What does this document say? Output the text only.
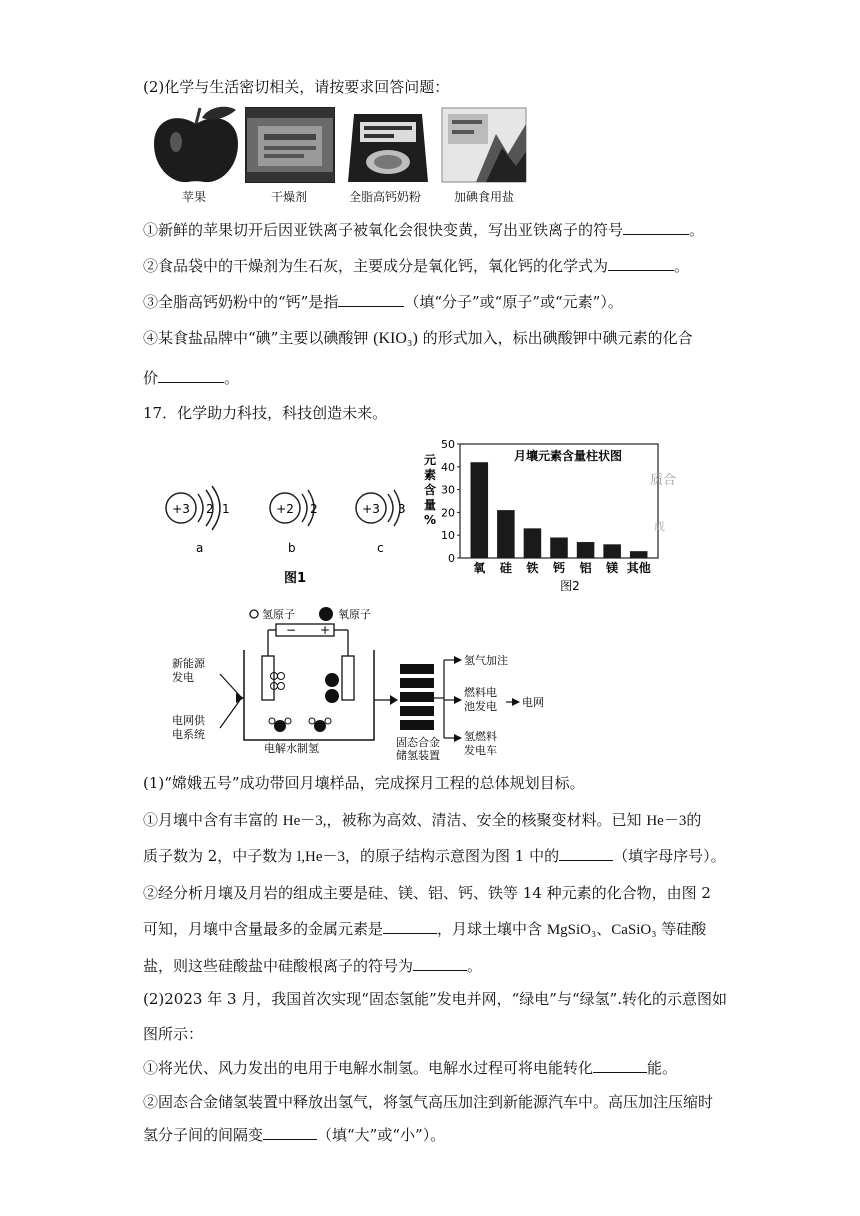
(2)化学与生活密切相关，请按要求回答问题：
苹果	干燥剂	全脂高钙奶粉	加碘食用盐
①新鲜的苹果切开后因亚铁离子被氧化会很快变黄，写出亚铁离子的符号	。
②食品袋中的干燥剂为生石灰，主要成分是氧化钙，氧化钙的化学式为	。
③全脂高钙奶粉中的“钙”是指	（填“分子”或“原子”或“元素”）。
④某食盐品牌中“碘”主要以碘酸钾 (KIO₃) 的形式加入，标出碘酸钾中碘元素的化合
价	。
17．化学助力科技，科技创造未来。
+3 2 1
a
+2 2
b
+3 3
c
图1
0
10
20
30
40
50
氧 硅 铁 钙 铝 镁 其他
月壤元素含量柱状图
图2
质合
成
元
素
含
量
%
氢原子	氧原子
− +
电解水制氢
新能源
发电
电网供
电系统
固态合金
储氢装置
氢气加注
燃料电
池发电 电网
氢燃料
发电车
(1)“嫦娥五号”成功带回月壤样品，完成探月工程的总体规划目标。
①月壤中含有丰富的 He－3,，被称为高效、清洁、安全的核聚变材料。已知 He－3的
质子数为 2，中子数为 l,He－3，的原子结构示意图为图 1 中的	（填字母序号）。
②经分析月壤及月岩的组成主要是硅、镁、铝、钙、铁等 14 种元素的化合物，由图 2
可知，月壤中含量最多的金属元素是	，月球土壤中含 MgSiO₃、CaSiO₃ 等硅酸
盐，则这些硅酸盐中硅酸根离子的符号为	。
(2)2023 年 3 月，我国首次实现“固态氢能”发电并网，“绿电”与“绿氢”.转化的示意图如
图所示：
①将光伏、风力发出的电用于电解水制氢。电解水过程可将电能转化	能。
②固态合金储氢装置中释放出氢气，将氢气高压加注到新能源汽车中。高压加注压缩时
氢分子间的间隔变	（填“大”或“小”）。
